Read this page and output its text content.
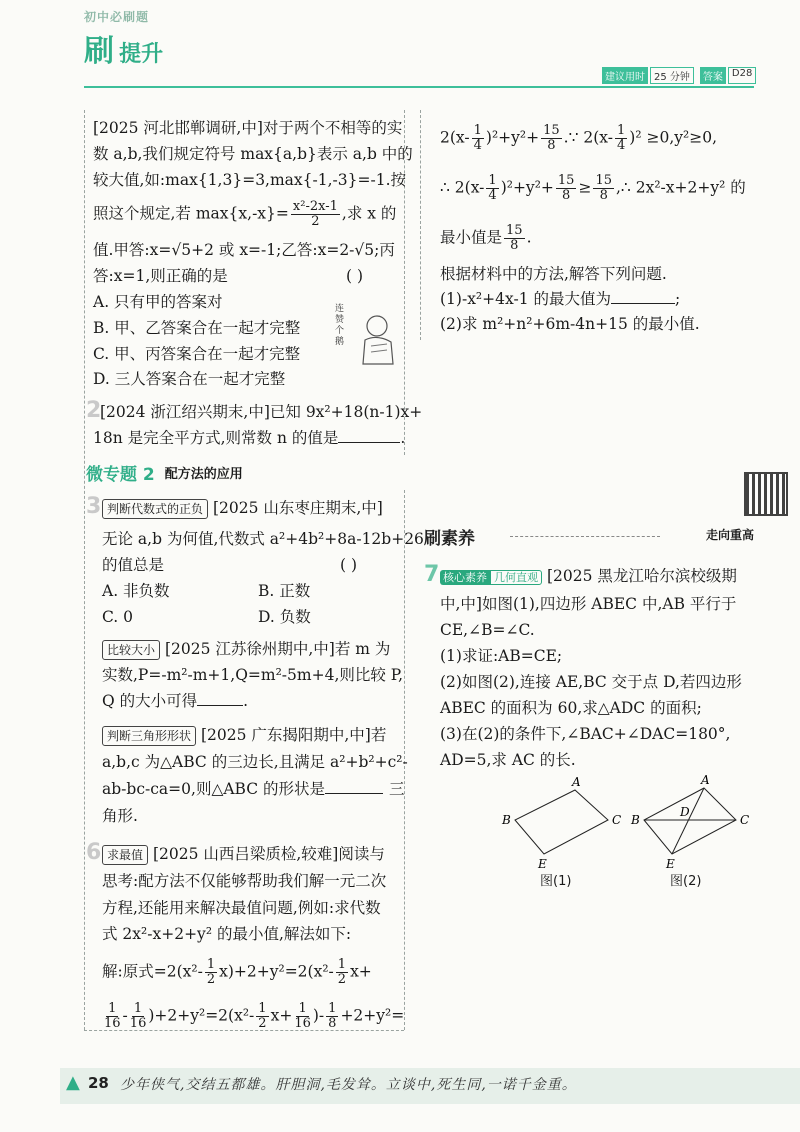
初中必刷题
刷 提升
建议用时 25 分钟	答案 D28
[2025 河北邯郸调研,中]对于两个不相等的实
数 a,b,我们规定符号 max{a,b}表示 a,b 中的
较大值,如:max{1,3}=3,max{-1,-3}=-1.按
照这个规定,若 $\max\{x,-x\}= \frac{\text{x²-2x-1}}{2}$ ,求 x 的
值.甲答:x=√5+2 或 x=-1;乙答:x=2-√5;丙
答:x=1,则正确的是	( )
A. 只有甲的答案对
B. 甲、乙答案合在一起才完整
C. 甲、丙答案合在一起才完整
D. 三人答案合在一起才完整
连赞个鹅
2
[2024 浙江绍兴期末,中]已知 9x²+18(n-1)x+
18n 是完全平方式,则常数 n 的值是	.
微专题 2 配方法的应用
3 判断代数式的正负 [2025 山东枣庄期末,中]
无论 a,b 为何值,代数式 a²+4b²+8a-12b+26
的值总是	( )
A. 非负数	B. 正数
C. 0	D. 负数
比较大小 [2025 江苏徐州期中,中]若 m 为
实数,P=-m²-m+1,Q=m²-5m+4,则比较 P,
Q 的大小可得	.
判断三角形形状 [2025 广东揭阳期中,中]若
a,b,c 为△ABC 的三边长,且满足 a²+b²+c²-
ab-bc-ca=0,则△ABC 的形状是	三
角形.
6 求最值 [2025 山西吕梁质检,较难]阅读与
思考:配方法不仅能够帮助我们解一元二次
方程,还能用来解决最值问题,例如:求代数
式 2x²-x+2+y² 的最小值,解法如下:
解:原式$=2(x^2- \frac{1}{2} x)+2+y^2=2(x^2- \frac{1}{2} x+$
$\frac{1}{16} - \frac{1}{16} )+2+y^2=2(x^2- \frac{1}{2} x+ \frac{1}{16}$ )- $\frac{1}{8} +2+y^2=$
$2(x- \frac{1}{4} )^2+y^2+ \frac{15}{8}$ .∵ $2(x- \frac{1}{4} )^2 \ge 0,y^2\ge 0$,
∴ $2(x- \frac{1}{4} )^2+y^2+ \frac{15}{8} \ge \frac{15}{8}$ ,∴ 2x²-x+2+y² 的
最小值是 $\frac{15}{8}$ .
根据材料中的方法,解答下列问题.
(1)-x²+4x-1 的最大值为	;
(2)求 m²+n²+6m-4n+15 的最小值.
刷素养	走向重高
7 核心素养 几何直观 [2025 黑龙江哈尔滨校级期
中,中]如图(1),四边形 ABEC 中,AB 平行于
CE,∠B=∠C.
(1)求证:AB=CE;
(2)如图(2),连接 AE,BC 交于点 D,若四边形
ABEC 的面积为 60,求△ADC 的面积;
(3)在(2)的条件下,∠BAC+∠DAC=180°,
AD=5,求 AC 的长.
A
B	C
E
图(1)
A
B	C
D
E
图(2)
▲ 28 少年侠气,交结五都雄。肝胆洞,毛发耸。立谈中,死生同,一诺千金重。
